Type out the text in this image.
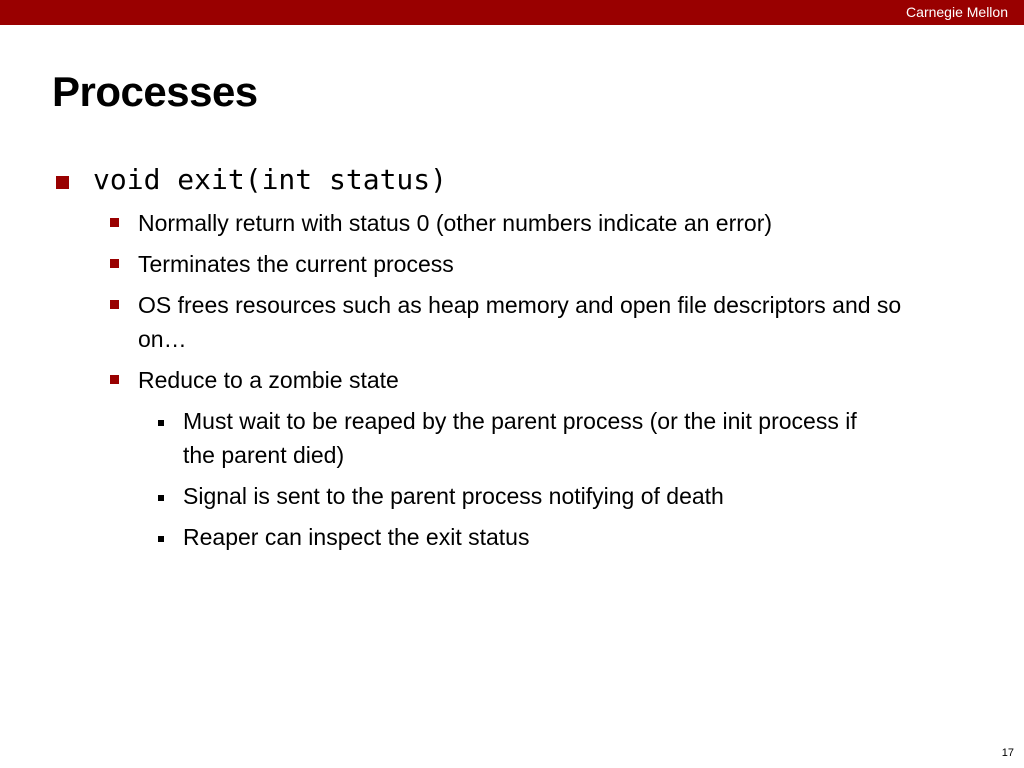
Carnegie Mellon
Processes
void exit(int status)
Normally return with status 0 (other numbers indicate an error)
Terminates the current process
OS frees resources such as heap memory and open file descriptors and so on…
Reduce to a zombie state
Must wait to be reaped by the parent process (or the init process if the parent died)
Signal is sent to the parent process notifying of death
Reaper can inspect the exit status
17
